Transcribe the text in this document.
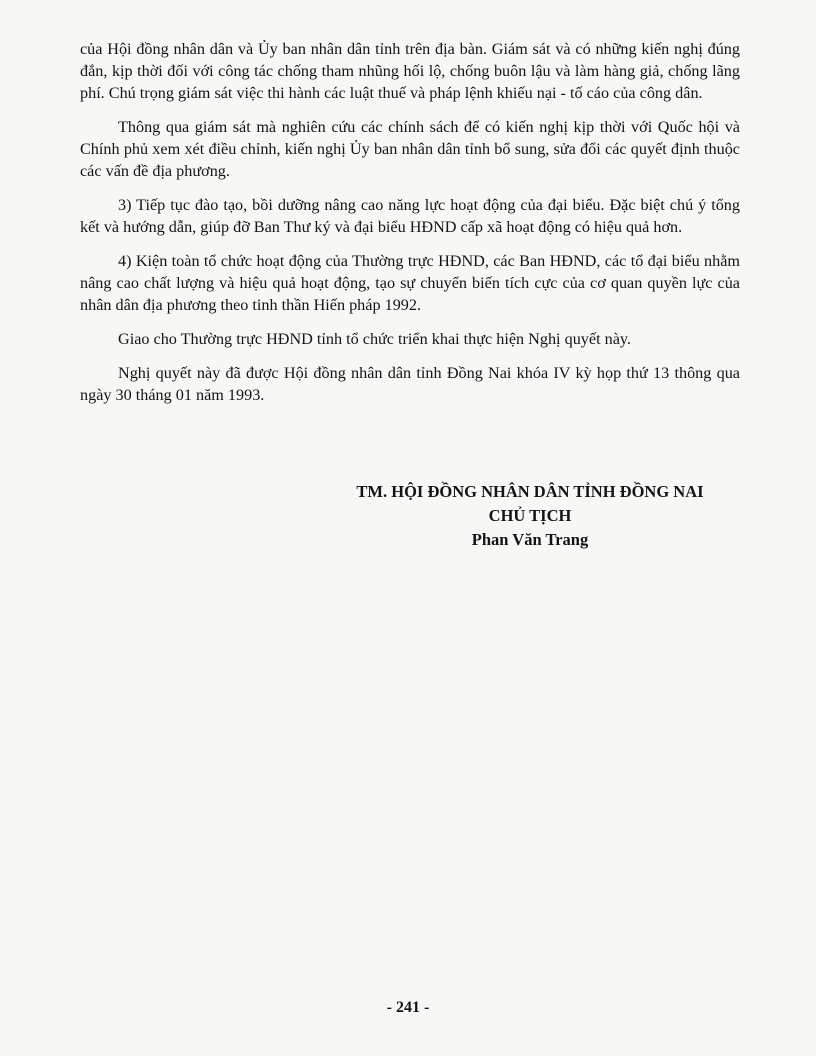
của Hội đồng nhân dân và Ủy ban nhân dân tỉnh trên địa bàn. Giám sát và có những kiến nghị đúng đắn, kịp thời đối với công tác chống tham nhũng hối lộ, chống buôn lậu và làm hàng giả, chống lãng phí. Chú trọng giám sát việc thi hành các luật thuế và pháp lệnh khiếu nại - tố cáo của công dân.

Thông qua giám sát mà nghiên cứu các chính sách để có kiến nghị kịp thời với Quốc hội và Chính phủ xem xét điều chỉnh, kiến nghị Ủy ban nhân dân tỉnh bổ sung, sửa đổi các quyết định thuộc các vấn đề địa phương.

3) Tiếp tục đào tạo, bồi dưỡng nâng cao năng lực hoạt động của đại biểu. Đặc biệt chú ý tổng kết và hướng dẫn, giúp đỡ Ban Thư ký và đại biểu HĐND cấp xã hoạt động có hiệu quả hơn.

4) Kiện toàn tổ chức hoạt động của Thường trực HĐND, các Ban HĐND, các tổ đại biểu nhằm nâng cao chất lượng và hiệu quả hoạt động, tạo sự chuyển biến tích cực của cơ quan quyền lực của nhân dân địa phương theo tinh thần Hiến pháp 1992.

Giao cho Thường trực HĐND tỉnh tổ chức triển khai thực hiện Nghị quyết này.

Nghị quyết này đã được Hội đồng nhân dân tỉnh Đồng Nai khóa IV kỳ họp thứ 13 thông qua ngày 30 tháng 01 năm 1993.

TM. HỘI ĐỒNG NHÂN DÂN TỈNH ĐỒNG NAI
CHỦ TỊCH
Phan Văn Trang
- 241 -
